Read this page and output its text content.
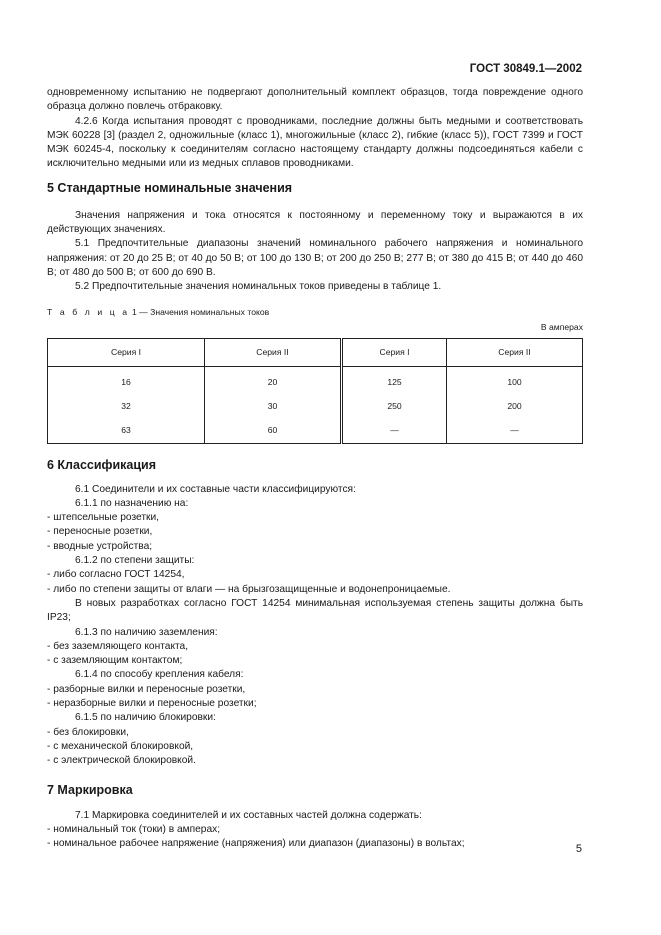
ГОСТ 30849.1—2002

одновременному испытанию не подвергают дополнительный комплект образцов, тогда повреждение одного образца должно повлечь отбраковку.

4.2.6 Когда испытания проводят с проводниками, последние должны быть медными и соответствовать МЭК 60228 [3] (раздел 2, одножильные (класс 1), многожильные (класс 2), гибкие (класс 5)), ГОСТ 7399 и ГОСТ МЭК 60245-4, поскольку к соединителям согласно настоящему стандарту должны подсоединяться кабели с исключительно медными или из медных сплавов проводниками.

5 Стандартные номинальные значения

Значения напряжения и тока относятся к постоянному и переменному току и выражаются в их действующих значениях.

5.1 Предпочтительные диапазоны значений номинального рабочего напряжения и номинального напряжения: от 20 до 25 В; от 40 до 50 В; от 100 до 130 В; от 200 до 250 В; 277 В; от 380 до 415 В; от 440 до 460 В; от 480 до 500 В; от 600 до 690 В.

5.2 Предпочтительные значения номинальных токов приведены в таблице 1.

Т а б л и ц а 1 — Значения номинальных токов
В амперах
Серия I	Серия II	Серия I	Серия II

16	20	125	100
32	30	250	200
63	60	—	—
6 Классификация

6.1 Соединители и их составные части классифицируются:

6.1.1 по назначению на:

- штепсельные розетки,

- переносные розетки,

- вводные устройства;

6.1.2 по степени защиты:

- либо согласно ГОСТ 14254,

- либо по степени защиты от влаги — на брызгозащищенные и водонепроницаемые.

В новых разработках согласно ГОСТ 14254 минимальная используемая степень защиты должна быть IP23;

6.1.3 по наличию заземления:

- без заземляющего контакта,

- с заземляющим контактом;

6.1.4 по способу крепления кабеля:

- разборные вилки и переносные розетки,

- неразборные вилки и переносные розетки;

6.1.5 по наличию блокировки:

- без блокировки,

- с механической блокировкой,

- с электрической блокировкой.

7 Маркировка

7.1 Маркировка соединителей и их составных частей должна содержать:

- номинальный ток (токи) в амперах;

- номинальное рабочее напряжение (напряжения) или диапазон (диапазоны) в вольтах;	5
